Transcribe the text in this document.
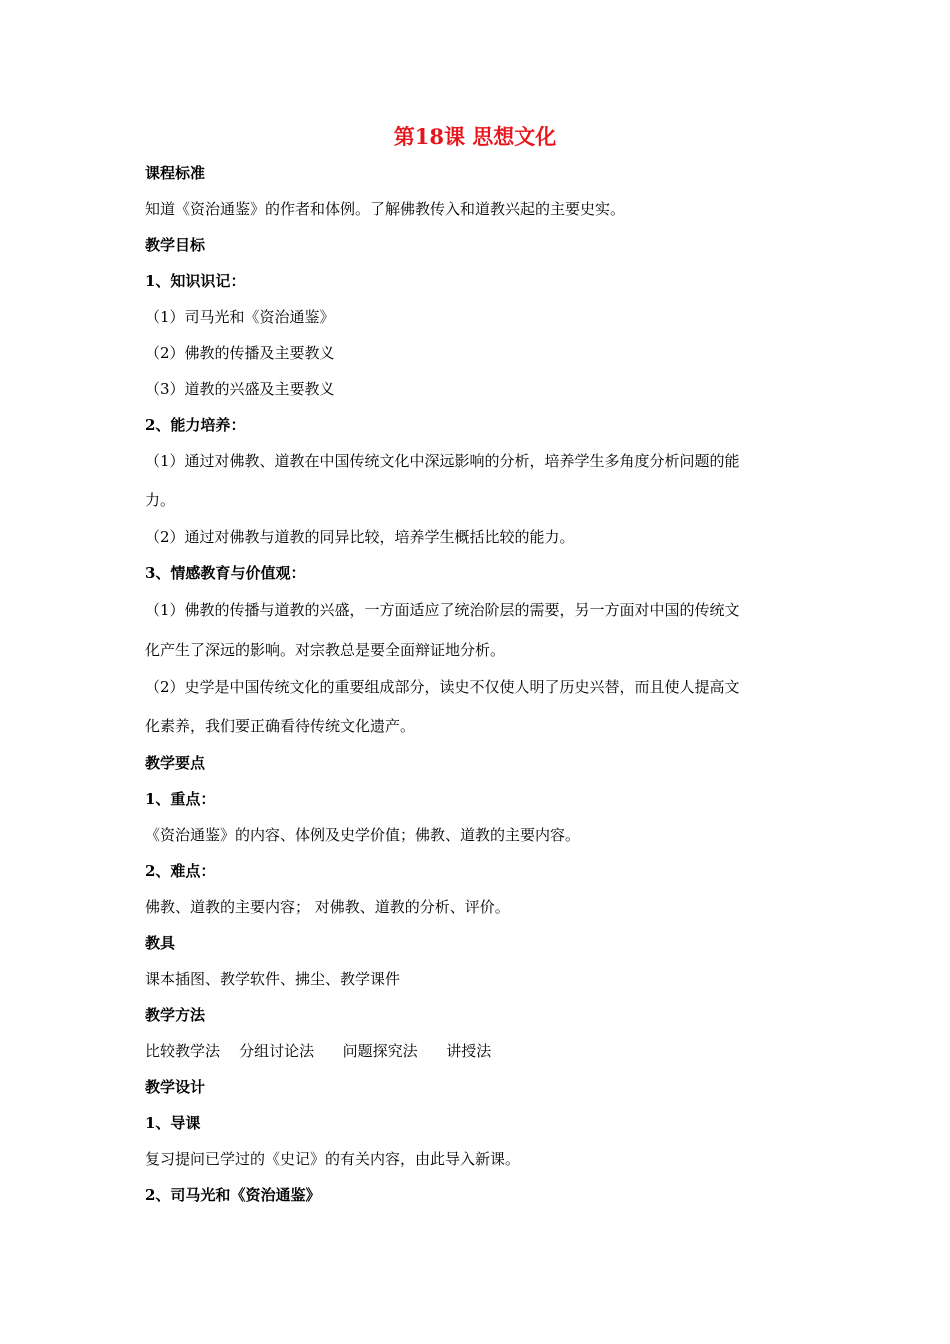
第18课 思想文化
课程标准
知道《资治通鉴》的作者和体例。了解佛教传入和道教兴起的主要史实。
教学目标
1、知识识记：
（1）司马光和《资治通鉴》
（2）佛教的传播及主要教义
（3）道教的兴盛及主要教义
2、能力培养：
（1）通过对佛教、道教在中国传统文化中深远影响的分析，培养学生多角度分析问题的能
力。
（2）通过对佛教与道教的同异比较，培养学生概括比较的能力。
3、情感教育与价值观：
（1）佛教的传播与道教的兴盛，一方面适应了统治阶层的需要，另一方面对中国的传统文
化产生了深远的影响。对宗教总是要全面辩证地分析。
（2）史学是中国传统文化的重要组成部分，读史不仅使人明了历史兴替，而且使人提高文
化素养，我们要正确看待传统文化遗产。
教学要点
1、重点：
《资治通鉴》的内容、体例及史学价值；佛教、道教的主要内容。
2、难点：
佛教、道教的主要内容； 对佛教、道教的分析、评价。
教具
课本插图、教学软件、拂尘、教学课件
教学方法
比较教学法    分组讨论法      问题探究法      讲授法
教学设计
1、导课
复习提问已学过的《史记》的有关内容，由此导入新课。
2、司马光和《资治通鉴》
